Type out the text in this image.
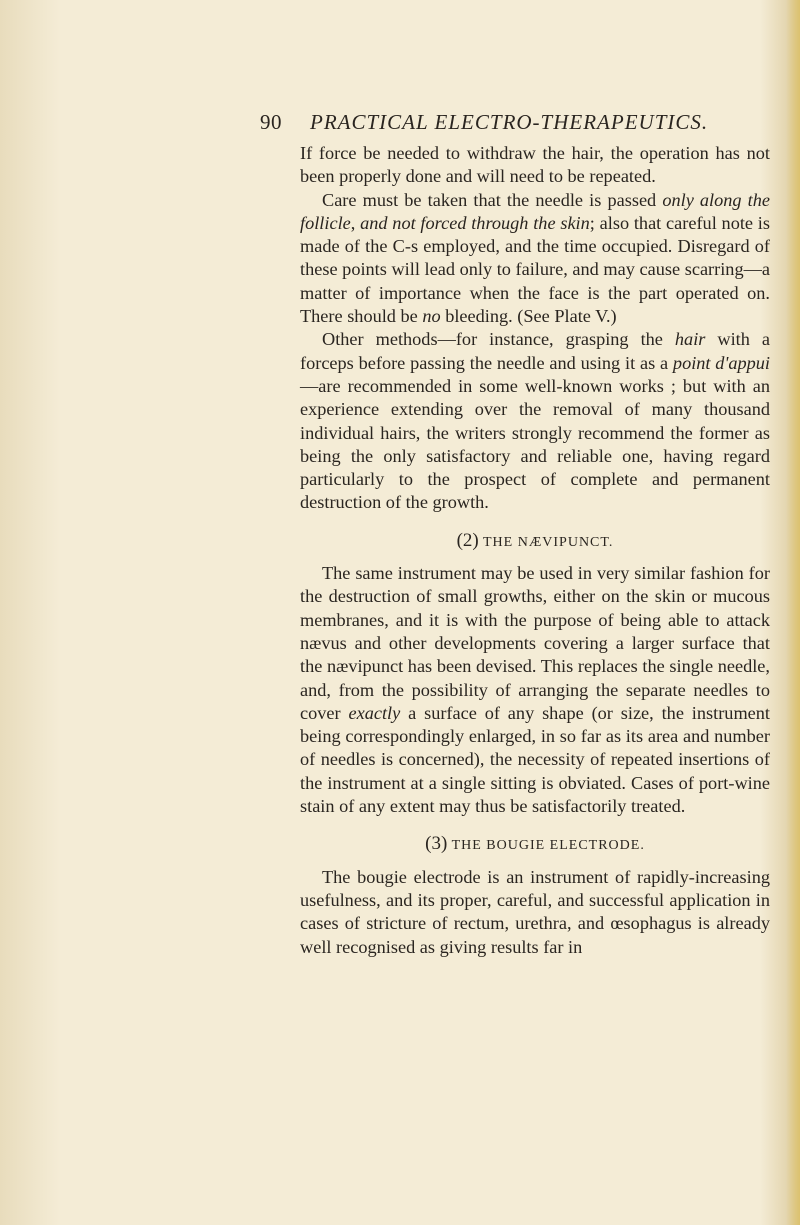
90	PRACTICAL ELECTRO-THERAPEUTICS.

If force be needed to withdraw the hair, the operation has not been properly done and will need to be repeated.

Care must be taken that the needle is passed only along the follicle, and not forced through the skin; also that careful note is made of the C-s employed, and the time occupied. Disregard of these points will lead only to failure, and may cause scarring—a matter of importance when the face is the part operated on. There should be no bleeding. (See Plate V.)

Other methods—for instance, grasping the hair with a forceps before passing the needle and using it as a point d'appui—are recommended in some well-known works ; but with an experience extending over the removal of many thousand individual hairs, the writers strongly recommend the former as being the only satisfactory and reliable one, having regard particularly to the prospect of complete and permanent destruction of the growth.

(2) THE NÆVIPUNCT.

The same instrument may be used in very similar fashion for the destruction of small growths, either on the skin or mucous membranes, and it is with the purpose of being able to attack nævus and other developments covering a larger surface that the nævipunct has been devised. This replaces the single needle, and, from the possibility of arranging the separate needles to cover exactly a surface of any shape (or size, the instrument being correspondingly enlarged, in so far as its area and number of needles is concerned), the necessity of repeated insertions of the instrument at a single sitting is obviated. Cases of port-wine stain of any extent may thus be satisfactorily treated.

(3) THE BOUGIE ELECTRODE.

The bougie electrode is an instrument of rapidly-increasing usefulness, and its proper, careful, and successful application in cases of stricture of rectum, urethra, and œsophagus is already well recognised as giving results far in
